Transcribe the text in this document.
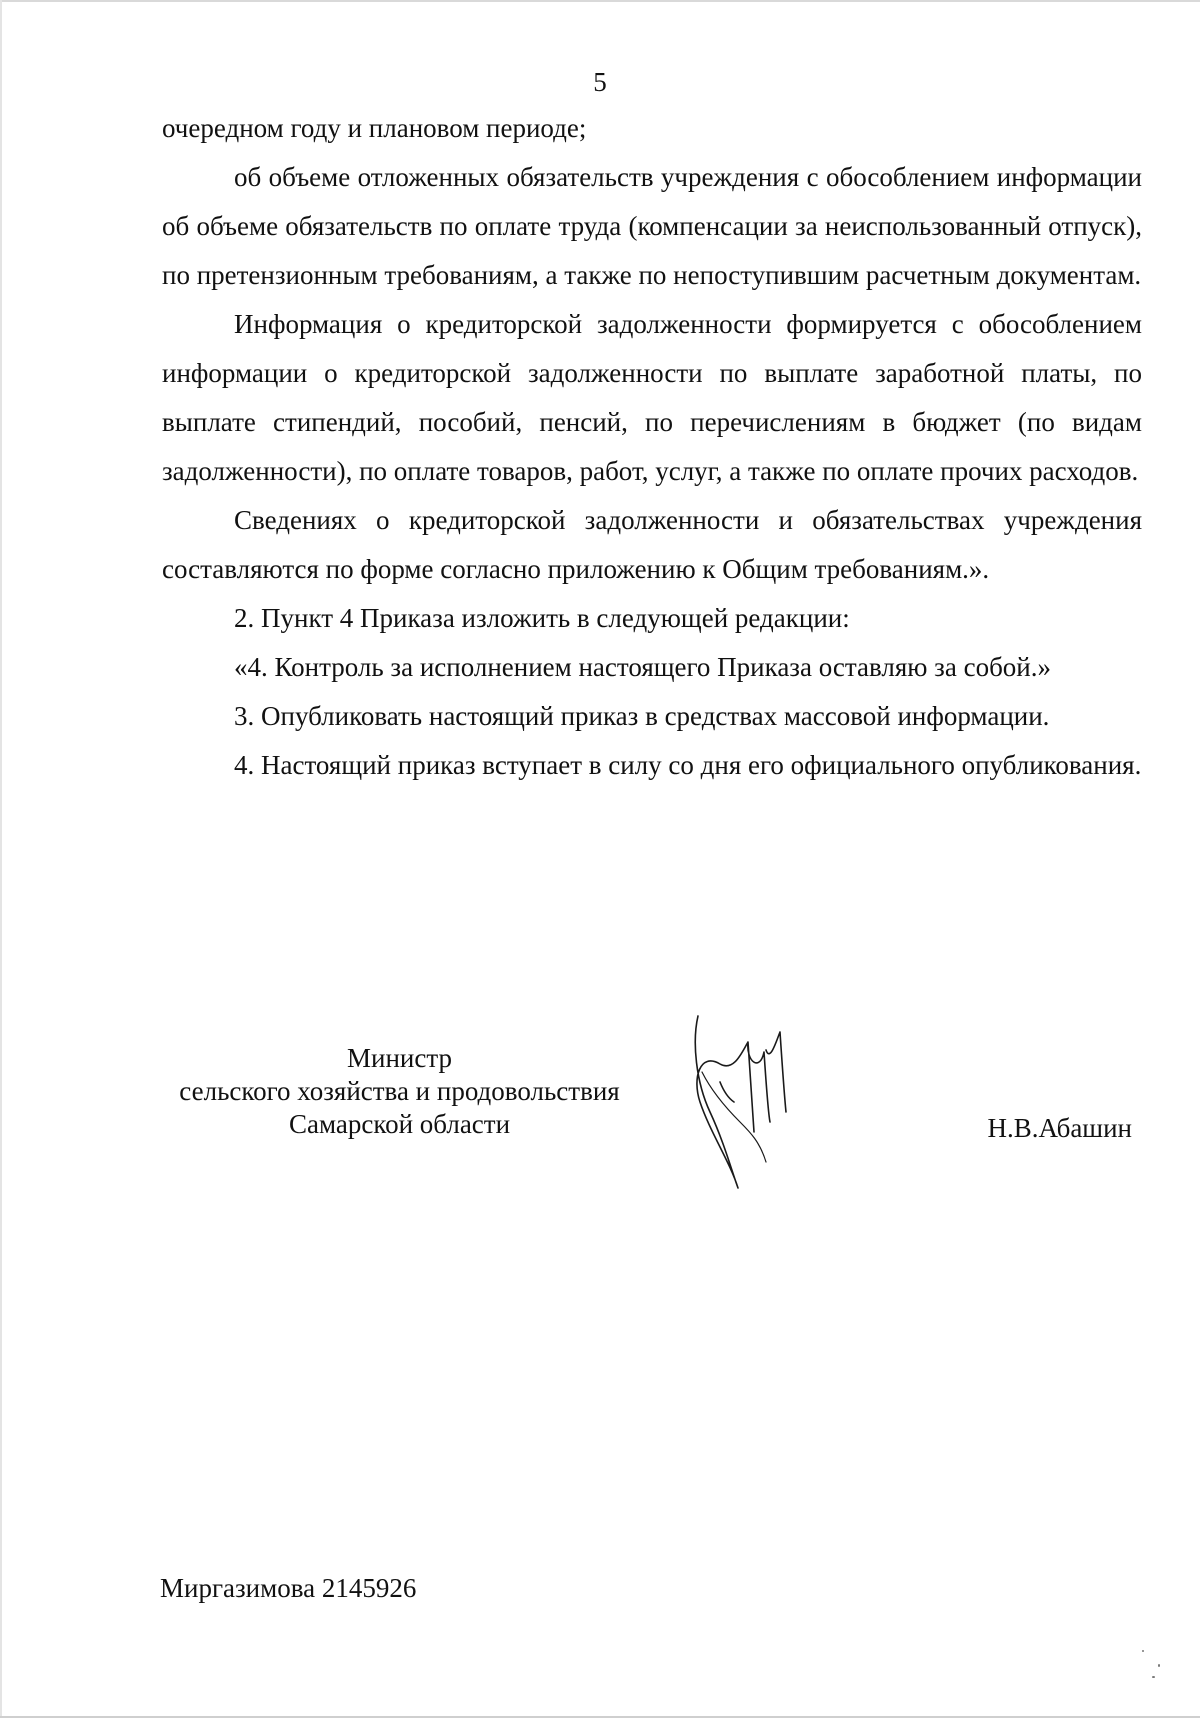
5

очередном году и плановом периоде;

об объеме отложенных обязательств учреждения с обособлением информации об объеме обязательств по оплате труда (компенсации за неиспользованный отпуск), по претензионным требованиям, а также по непоступившим расчетным документам.

Информация о кредиторской задолженности формируется с обособлением информации о кредиторской задолженности по выплате заработной платы, по выплате стипендий, пособий, пенсий, по перечислениям в бюджет (по видам задолженности), по оплате товаров, работ, услуг, а также по оплате прочих расходов.

Сведениях о кредиторской задолженности и обязательствах учреждения составляются по форме согласно приложению к Общим требованиям.».

2. Пункт 4 Приказа изложить в следующей редакции:

«4. Контроль за исполнением настоящего Приказа оставляю за собой.»

3. Опубликовать настоящий приказ в средствах массовой информации.

4. Настоящий приказ вступает в силу со дня его официального опубликования.

Министр
сельского хозяйства и продовольствия
Самарской области	Н.В.Абашин
Миргазимова 2145926
